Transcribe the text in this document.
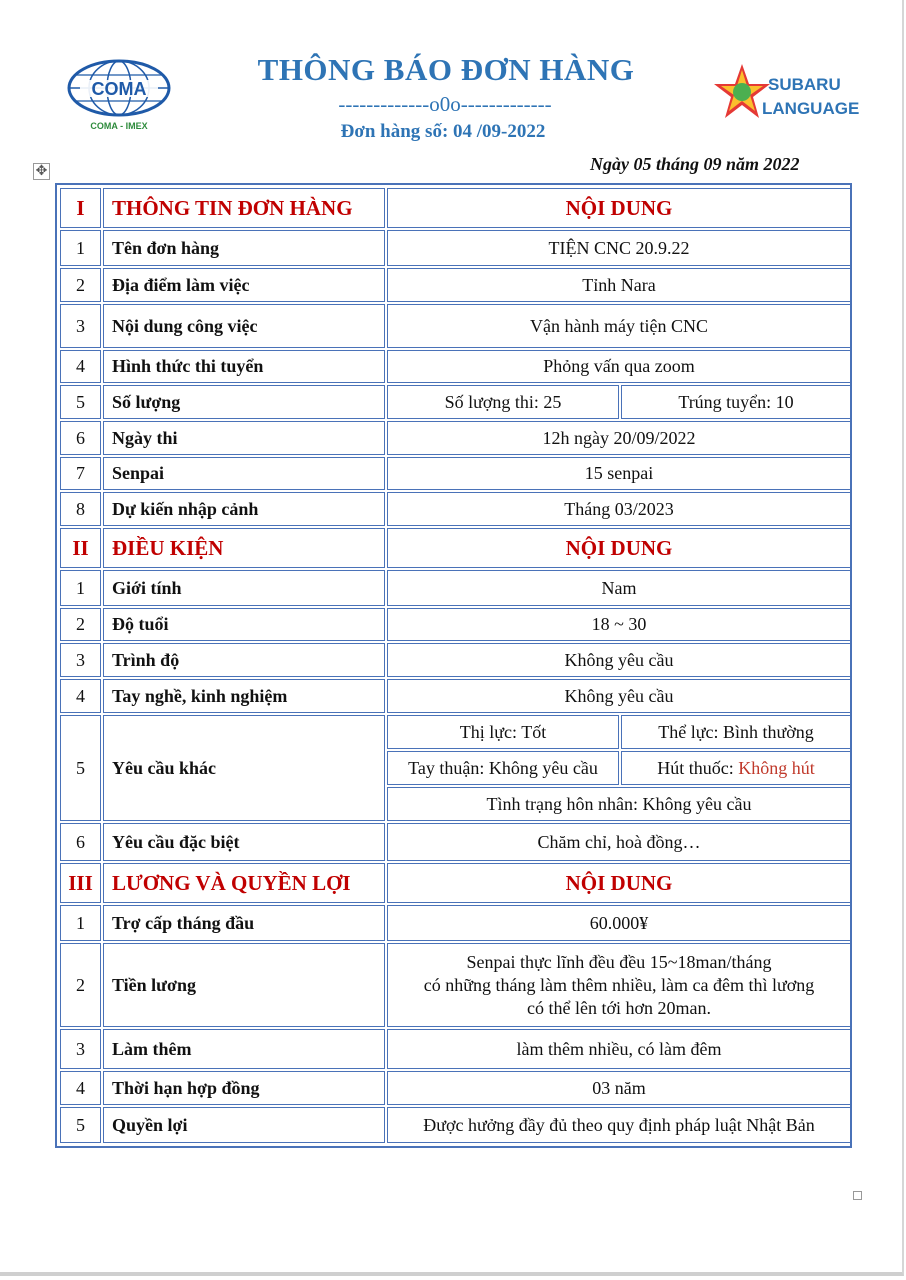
COMA
COMA - IMEX
SUBARU
LANGUAGE
THÔNG BÁO ĐƠN HÀNG
-------------o0o-------------
Đơn hàng số: 04 /09-2022
Ngày 05 tháng 09 năm 2022
✥
I	THÔNG TIN ĐƠN HÀNG	NỘI DUNG	
1	Tên đơn hàng	TIỆN CNC 20.9.22	
2	Địa điểm làm việc	Tỉnh Nara	
3	Nội dung công việc	Vận hành máy tiện CNC	
4	Hình thức thi tuyển	Phỏng vấn qua zoom	
5	Số lượng	Số lượng thi: 25	Trúng tuyển: 10
6	Ngày thi	12h ngày 20/09/2022	
7	Senpai	15 senpai	
8	Dự kiến nhập cảnh	Tháng 03/2023	
II	ĐIỀU KIỆN	NỘI DUNG	
1	Giới tính	Nam	
2	Độ tuổi	18 ~ 30	
3	Trình độ	Không yêu cầu	
4	Tay nghề, kinh nghiệm	Không yêu cầu	
5	Yêu cầu khác	Thị lực: Tốt	Thể lực: Bình thường
		Tay thuận: Không yêu cầu	Hút thuốc: Không hút
		Tình trạng hôn nhân: Không yêu cầu	
6	Yêu cầu đặc biệt	Chăm chỉ, hoà đồng…	
III	LƯƠNG VÀ QUYỀN LỢI	NỘI DUNG	
1	Trợ cấp tháng đầu	60.000¥	
2	Tiền lương	Senpai thực lĩnh đều đều 15~18man/tháng
có những tháng làm thêm nhiều, làm ca đêm thì lương
có thể lên tới hơn 20man.	

3	Làm thêm	làm thêm nhiều, có làm đêm	
4	Thời hạn hợp đồng	03 năm	
5	Quyền lợi	Được hưởng đầy đủ theo quy định pháp luật Nhật Bản	
